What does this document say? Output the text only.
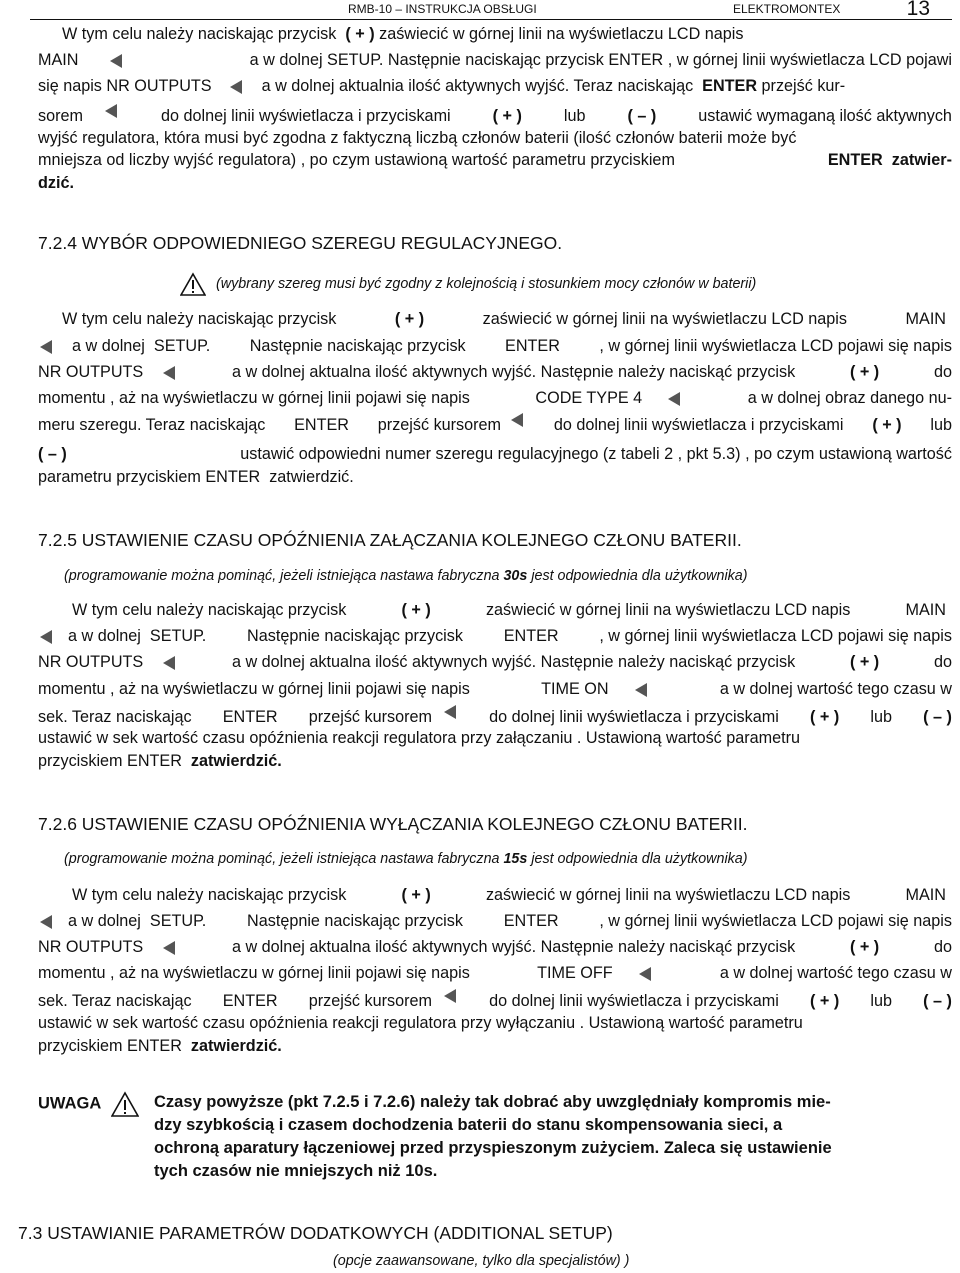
RMB-10 – INSTRUKCJA OBSŁUGI	ELEKTROMONTEX	13
W tym celu należy naciskając przycisk ( + ) zaświecić w górnej linii na wyświetlaczu LCD napis
MAIN	a w dolnej SETUP. Następnie naciskając przycisk ENTER , w górnej linii wyświetlacza LCD pojawi
się napis NR OUTPUTS	a w dolnej aktualnia ilość aktywnych wyjść. Teraz naciskając ENTER przejść kur-
sorem	do dolnej linii wyświetlacza i przyciskami	( + )	lub	( – )	ustawić wymaganą ilość aktywnych
wyjść regulatora, która musi być zgodna z faktyczną liczbą członów baterii (ilość członów baterii może być
mniejsza od liczby wyjść regulatora) , po czym ustawioną wartość parametru przyciskiem	ENTER zatwier-
dzić.
7.2.4 WYBÓR ODPOWIEDNIEGO SZEREGU REGULACYJNEGO.
(wybrany szereg musi być zgodny z kolejnością i stosunkiem mocy członów w baterii)
W tym celu należy naciskając przycisk	( + )	zaświecić w górnej linii na wyświetlaczu LCD napis	MAIN
a w dolnej SETUP. Następnie naciskając przycisk ENTER , w górnej linii wyświetlacza LCD pojawi się napis
NR OUTPUTS	a w dolnej aktualna ilość aktywnych wyjść. Następnie należy naciskąć przycisk	( + )	do
momentu , aż na wyświetlaczu w górnej linii pojawi się napis	CODE TYPE 4	a w dolnej obraz danego nu-
meru szeregu. Teraz naciskając ENTER przejść kursorem	do dolnej linii wyświetlacza i przyciskami ( + ) lub
( – )	ustawić odpowiedni numer szeregu regulacyjnego (z tabeli 2 , pkt 5.3) , po czym ustawioną wartość
parametru przyciskiem ENTER zatwierdzić.
7.2.5 USTAWIENIE CZASU OPÓŹNIENIA ZAŁĄCZANIA KOLEJNEGO CZŁONU BATERII.
(programowanie można pominąć, jeżeli istniejąca nastawa fabryczna 30s jest odpowiednia dla użytkownika)
W tym celu należy naciskając przycisk	( + )	zaświecić w górnej linii na wyświetlaczu LCD napis	MAIN
a w dolnej SETUP.	Następnie naciskając przycisk	ENTER	, w górnej linii wyświetlacza LCD pojawi się napis
NR OUTPUTS	a w dolnej aktualna ilość aktywnych wyjść. Następnie należy naciskąć przycisk	( + )	do
momentu , aż na wyświetlaczu w górnej linii pojawi się napis	TIME ON	a w dolnej wartość tego czasu w
sek. Teraz naciskając ENTER przejść kursorem	do dolnej linii wyświetlacza i przyciskami ( + ) lub ( – )
ustawić w sek wartość czasu opóźnienia reakcji regulatora przy załączaniu . Ustawioną wartość parametru
przyciskiem ENTER zatwierdzić.
7.2.6 USTAWIENIE CZASU OPÓŹNIENIA WYŁĄCZANIA KOLEJNEGO CZŁONU BATERII.
(programowanie można pominąć, jeżeli istniejąca nastawa fabryczna 15s jest odpowiednia dla użytkownika)
W tym celu należy naciskając przycisk	( + )	zaświecić w górnej linii na wyświetlaczu LCD napis	MAIN
a w dolnej SETUP.	Następnie naciskając przycisk	ENTER	, w górnej linii wyświetlacza LCD pojawi się napis
NR OUTPUTS	a w dolnej aktualna ilość aktywnych wyjść. Następnie należy naciskąć przycisk	( + )	do
momentu , aż na wyświetlaczu w górnej linii pojawi się napis	TIME OFF	a w dolnej wartość tego czasu w
sek. Teraz naciskając ENTER przejść kursorem	do dolnej linii wyświetlacza i przyciskami ( + ) lub ( – )
ustawić w sek wartość czasu opóźnienia reakcji regulatora przy wyłączaniu . Ustawioną wartość parametru
przyciskiem ENTER zatwierdzić.
UWAGA	Czasy powyższe (pkt 7.2.5 i 7.2.6) należy tak dobrać aby uwzględniały kompromis mie-
dzy szybkością i czasem dochodzenia baterii do stanu skompensowania sieci, a
ochroną aparatury łączeniowej przed przyspieszonym zużyciem. Zaleca się ustawienie
tych czasów nie mniejszych niż 10s.
7.3 USTAWIANIE PARAMETRÓW DODATKOWYCH (ADDITIONAL SETUP)
(opcje zaawansowane, tylko dla specjalistów) )
